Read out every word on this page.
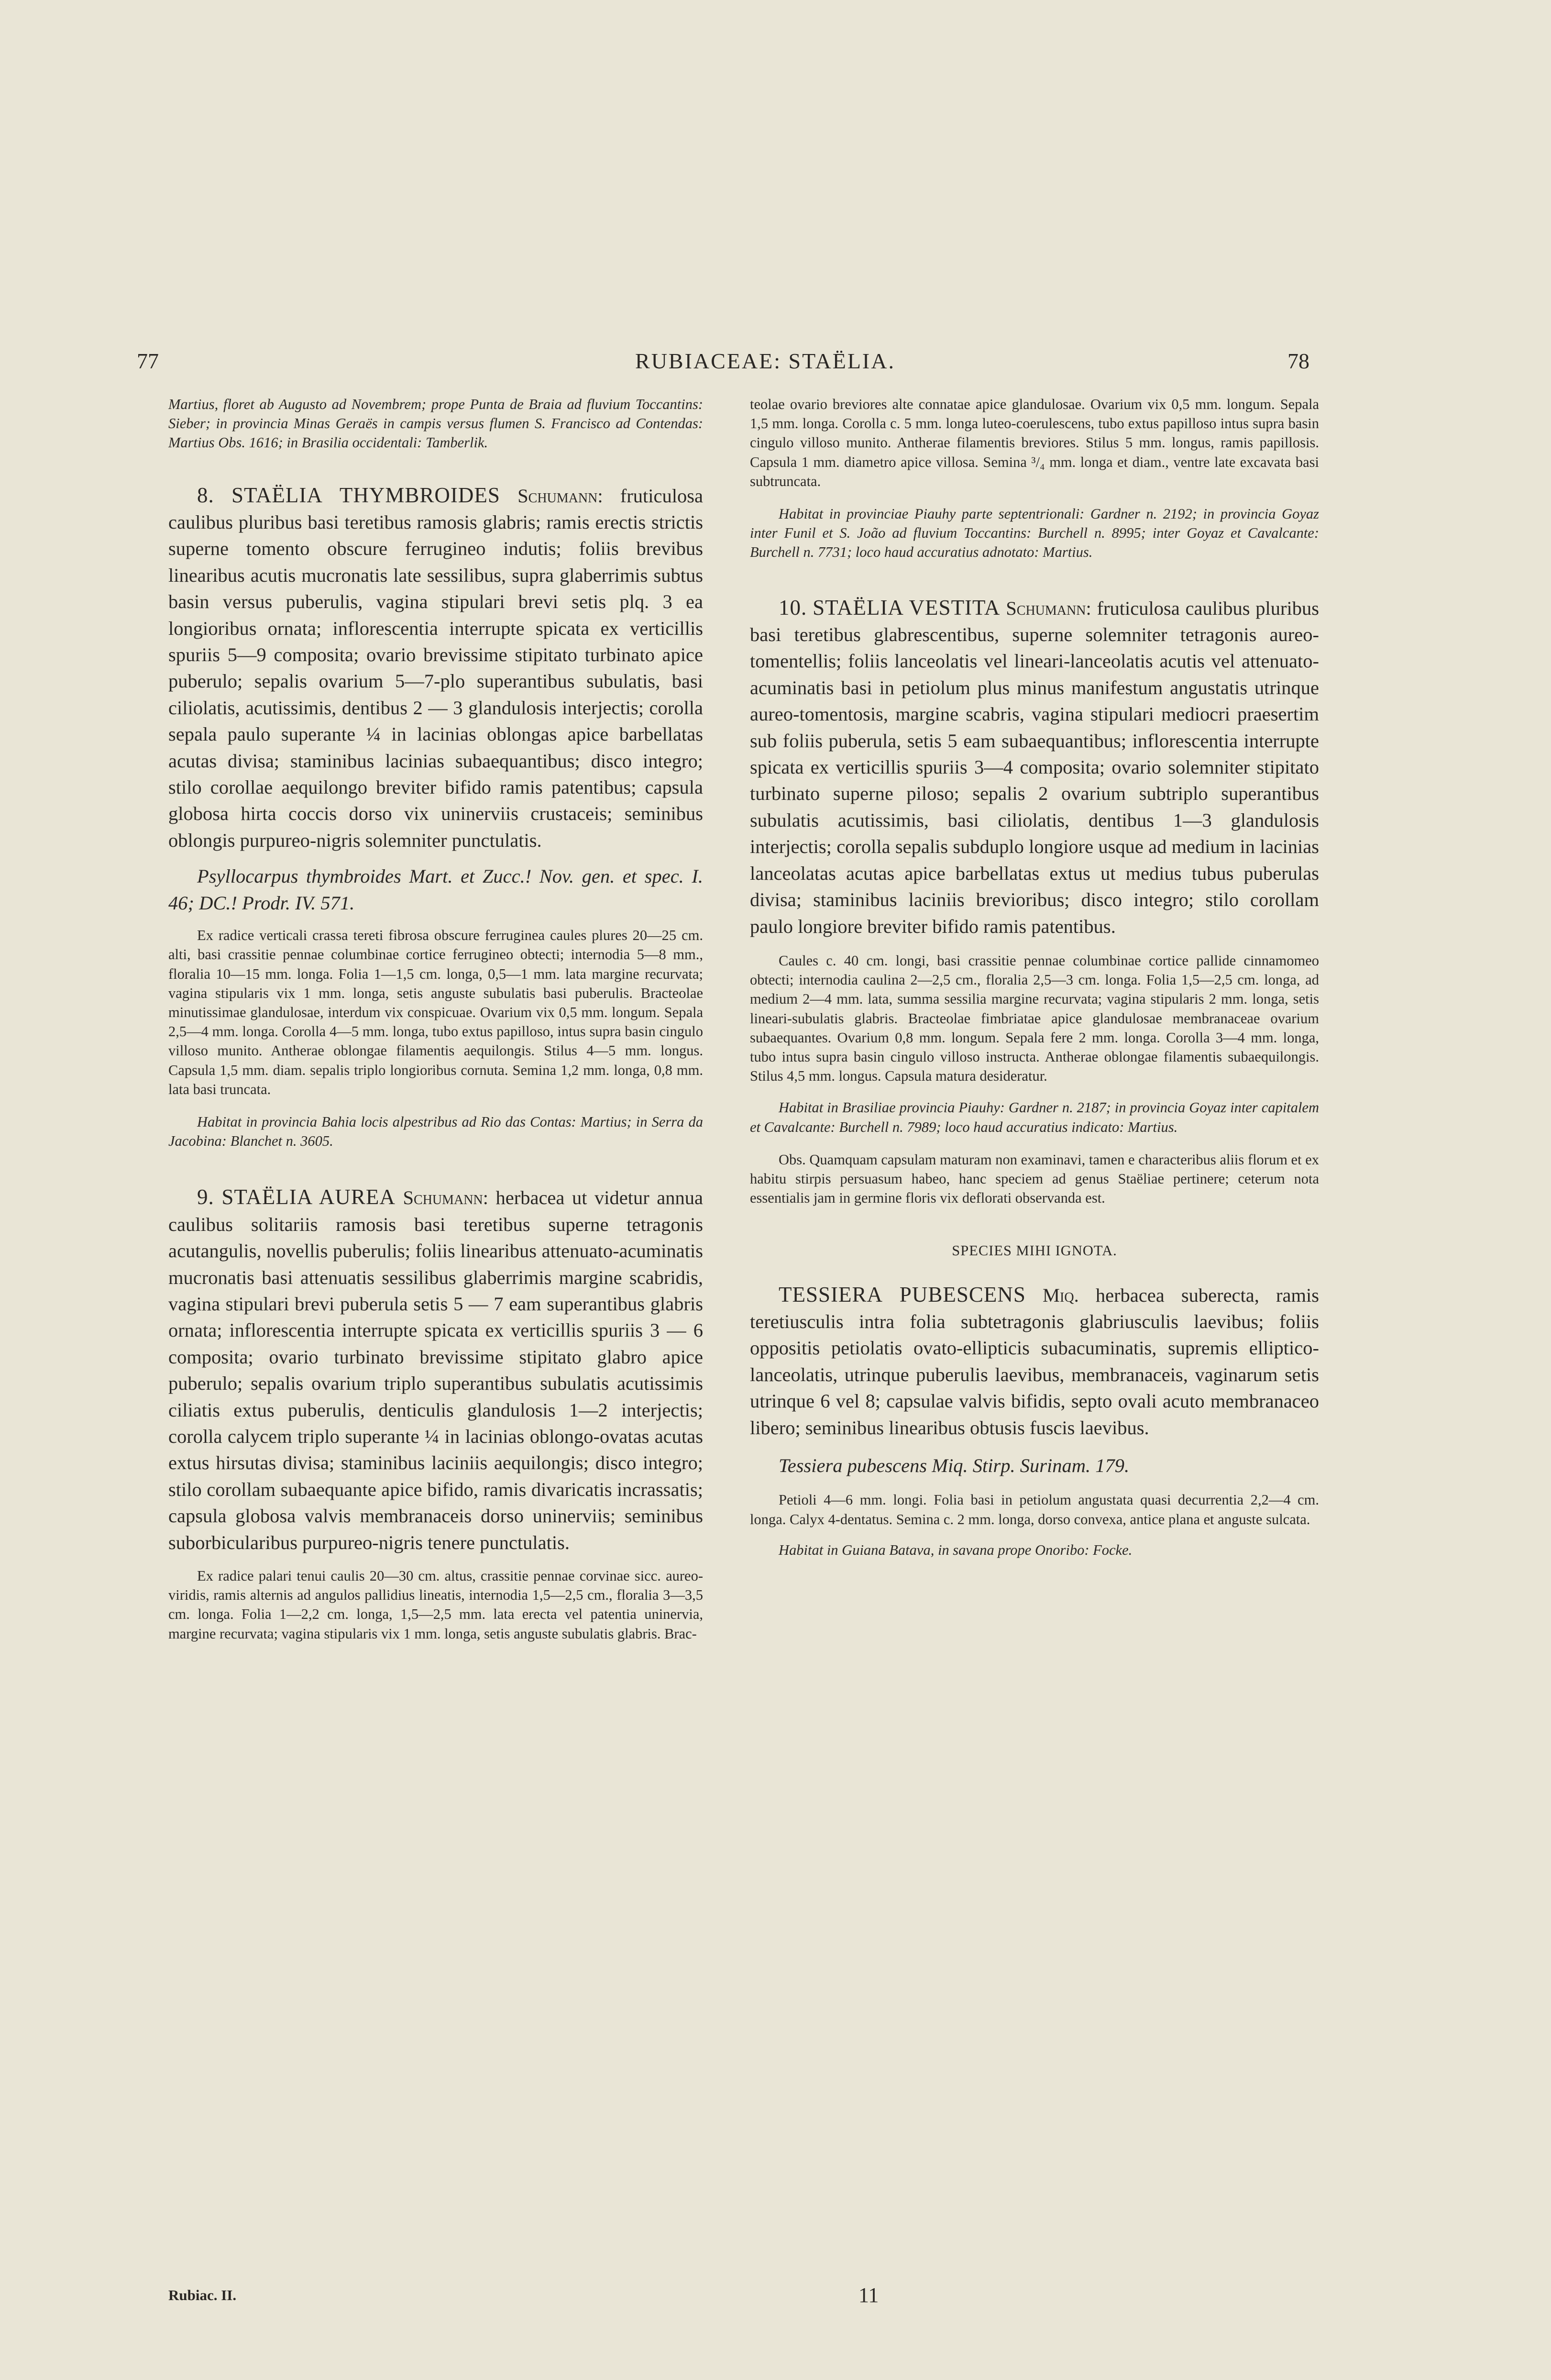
77	RUBIACEAE: STAËLIA.	78

Martius, floret ab Augusto ad Novembrem; prope Punta de Braia ad fluvium Toccantins: Sieber; in provincia Minas Geraës in campis versus flumen S. Francisco ad Contendas: Martius Obs. 1616; in Brasilia occidentali: Tamberlik.

8. STAËLIA THYMBROIDES Schumann: fruticulosa caulibus pluribus basi teretibus ramosis glabris; ramis erectis strictis superne tomento obscure ferrugineo indutis; foliis brevibus linearibus acutis mucronatis late sessilibus, supra glaberrimis subtus basin versus puberulis, vagina stipulari brevi setis plq. 3 ea longioribus ornata; inflorescentia interrupte spicata ex verticillis spuriis 5—9 composita; ovario brevissime stipitato turbinato apice puberulo; sepalis ovarium 5—7-plo superantibus subulatis, basi ciliolatis, acutissimis, dentibus 2 — 3 glandulosis interjectis; corolla sepala paulo superante ¼ in lacinias oblongas apice barbellatas acutas divisa; staminibus lacinias subaequantibus; disco integro; stilo corollae aequilongo breviter bifido ramis patentibus; capsula globosa hirta coccis dorso vix uninerviis crustaceis; seminibus oblongis purpureo-nigris solemniter punctulatis.

Psyllocarpus thymbroides Mart. et Zucc.! Nov. gen. et spec. I. 46; DC.! Prodr. IV. 571.

Ex radice verticali crassa tereti fibrosa obscure ferruginea caules plures 20—25 cm. alti, basi crassitie pennae columbinae cortice ferrugineo obtecti; internodia 5—8 mm., floralia 10—15 mm. longa. Folia 1—1,5 cm. longa, 0,5—1 mm. lata margine recurvata; vagina stipularis vix 1 mm. longa, setis anguste subulatis basi puberulis. Bracteolae minutissimae glandulosae, interdum vix conspicuae. Ovarium vix 0,5 mm. longum. Sepala 2,5—4 mm. longa. Corolla 4—5 mm. longa, tubo extus papilloso, intus supra basin cingulo villoso munito. Antherae oblongae filamentis aequilongis. Stilus 4—5 mm. longus. Capsula 1,5 mm. diam. sepalis triplo longioribus cornuta. Semina 1,2 mm. longa, 0,8 mm. lata basi truncata.

Habitat in provincia Bahia locis alpestribus ad Rio das Contas: Martius; in Serra da Jacobina: Blanchet n. 3605.

9. STAËLIA AUREA Schumann: herbacea ut videtur annua caulibus solitariis ramosis basi teretibus superne tetragonis acutangulis, novellis puberulis; foliis linearibus attenuato-acuminatis mucronatis basi attenuatis sessilibus glaberrimis margine scabridis, vagina stipulari brevi puberula setis 5 — 7 eam superantibus glabris ornata; inflorescentia interrupte spicata ex verticillis spuriis 3 — 6 composita; ovario turbinato brevissime stipitato glabro apice puberulo; sepalis ovarium triplo superantibus subulatis acutissimis ciliatis extus puberulis, denticulis glandulosis 1—2 interjectis; corolla calycem triplo superante ¼ in lacinias oblongo-ovatas acutas extus hirsutas divisa; staminibus laciniis aequilongis; disco integro; stilo corollam subaequante apice bifido, ramis divaricatis incrassatis; capsula globosa valvis membranaceis dorso uninerviis; seminibus suborbicularibus purpureo-nigris tenere punctulatis.

Ex radice palari tenui caulis 20—30 cm. altus, crassitie pennae corvinae sicc. aureo-viridis, ramis alternis ad angulos pallidius lineatis, internodia 1,5—2,5 cm., floralia 3—3,5 cm. longa. Folia 1—2,2 cm. longa, 1,5—2,5 mm. lata erecta vel patentia uninervia, margine recurvata; vagina stipularis vix 1 mm. longa, setis anguste subulatis glabris. Brac-

Rubiac. II.

teolae ovario breviores alte connatae apice glandulosae. Ovarium vix 0,5 mm. longum. Sepala 1,5 mm. longa. Corolla c. 5 mm. longa luteo-coerulescens, tubo extus papilloso intus supra basin cingulo villoso munito. Antherae filamentis breviores. Stilus 5 mm. longus, ramis papillosis. Capsula 1 mm. diametro apice villosa. Semina ³/₄ mm. longa et diam., ventre late excavata basi subtruncata.

Habitat in provinciae Piauhy parte septentrionali: Gardner n. 2192; in provincia Goyaz inter Funil et S. João ad fluvium Toccantins: Burchell n. 8995; inter Goyaz et Cavalcante: Burchell n. 7731; loco haud accuratius adnotato: Martius.

10. STAËLIA VESTITA Schumann: fruticulosa caulibus pluribus basi teretibus glabrescentibus, superne solemniter tetragonis aureo-tomentellis; foliis lanceolatis vel lineari-lanceolatis acutis vel attenuato-acuminatis basi in petiolum plus minus manifestum angustatis utrinque aureo-tomentosis, margine scabris, vagina stipulari mediocri praesertim sub foliis puberula, setis 5 eam subaequantibus; inflorescentia interrupte spicata ex verticillis spuriis 3—4 composita; ovario solemniter stipitato turbinato superne piloso; sepalis 2 ovarium subtriplo superantibus subulatis acutissimis, basi ciliolatis, dentibus 1—3 glandulosis interjectis; corolla sepalis subduplo longiore usque ad medium in lacinias lanceolatas acutas apice barbellatas extus ut medius tubus puberulas divisa; staminibus laciniis brevioribus; disco integro; stilo corollam paulo longiore breviter bifido ramis patentibus.

Caules c. 40 cm. longi, basi crassitie pennae columbinae cortice pallide cinnamomeo obtecti; internodia caulina 2—2,5 cm., floralia 2,5—3 cm. longa. Folia 1,5—2,5 cm. longa, ad medium 2—4 mm. lata, summa sessilia margine recurvata; vagina stipularis 2 mm. longa, setis lineari-subulatis glabris. Bracteolae fimbriatae apice glandulosae membranaceae ovarium subaequantes. Ovarium 0,8 mm. longum. Sepala fere 2 mm. longa. Corolla 3—4 mm. longa, tubo intus supra basin cingulo villoso instructa. Antherae oblongae filamentis subaequilongis. Stilus 4,5 mm. longus. Capsula matura desideratur.

Habitat in Brasiliae provincia Piauhy: Gardner n. 2187; in provincia Goyaz inter capitalem et Cavalcante: Burchell n. 7989; loco haud accuratius indicato: Martius.

Obs. Quamquam capsulam maturam non examinavi, tamen e characteribus aliis florum et ex habitu stirpis persuasum habeo, hanc speciem ad genus Staëliae pertinere; ceterum nota essentialis jam in germine floris vix deflorati observanda est.

SPECIES MIHI IGNOTA.

TESSIERA PUBESCENS Miq. herbacea suberecta, ramis teretiusculis intra folia subtetragonis glabriusculis laevibus; foliis oppositis petiolatis ovato-ellipticis subacuminatis, supremis elliptico-lanceolatis, utrinque puberulis laevibus, membranaceis, vaginarum setis utrinque 6 vel 8; capsulae valvis bifidis, septo ovali acuto membranaceo libero; seminibus linearibus obtusis fuscis laevibus.

Tessiera pubescens Miq. Stirp. Surinam. 179.

Petioli 4—6 mm. longi. Folia basi in petiolum angustata quasi decurrentia 2,2—4 cm. longa. Calyx 4-dentatus. Semina c. 2 mm. longa, dorso convexa, antice plana et anguste sulcata.

Habitat in Guiana Batava, in savana prope Onoribo: Focke.

11
